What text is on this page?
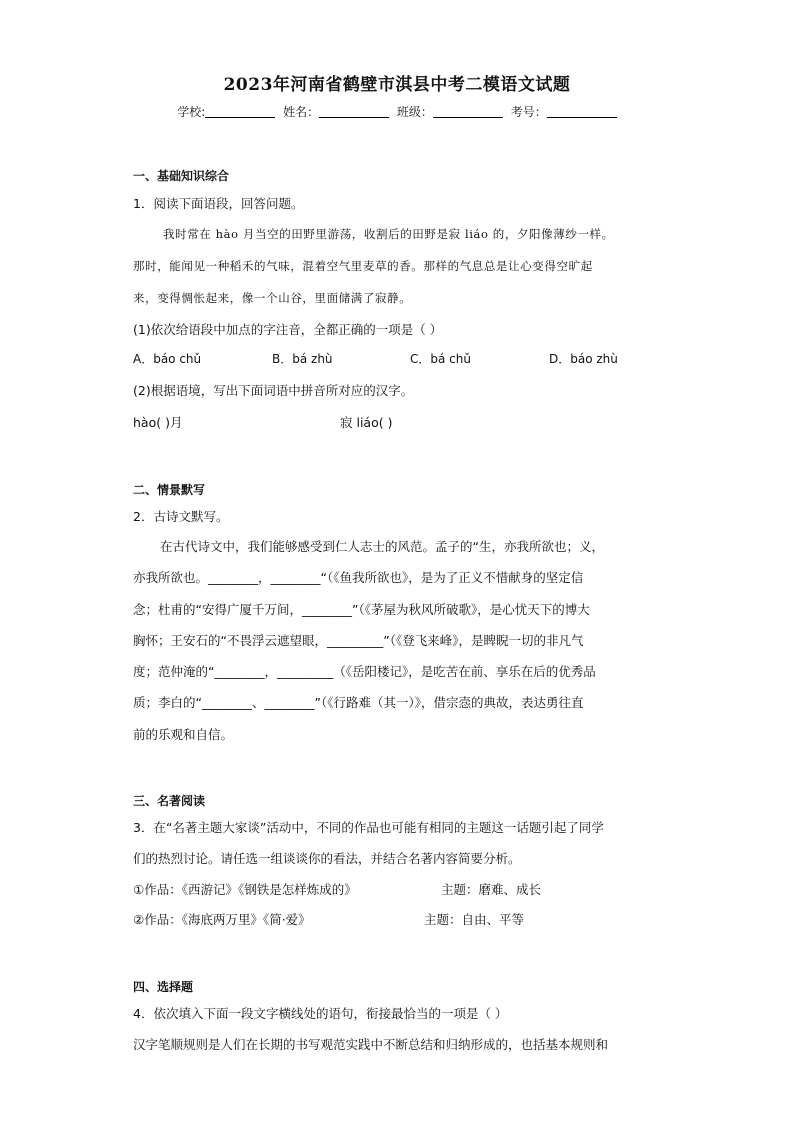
2023年河南省鹤壁市淇县中考二模语文试题
学校:	姓名：	班级：	考号：
一、基础知识综合
1．阅读下面语段，回答问题。
我时常在 hào 月当空的田野里游荡，收割后的田野是寂 liáo 的，夕阳像薄纱一样。
那时，能闻见一种稻禾的气味，混着空气里麦草的香。那样的气息总是让心变得空旷起
来，变得惆怅起来，像一个山谷，里面储满了寂静。
(1)依次给语段中加点的字注音，全都正确的一项是（ ）
A．báo chǔ	B．bá zhù	C．bá chǔ	D．báo zhù
(2)根据语境，写出下面词语中拼音所对应的汉字。
hào( )月	寂 liáo( )
二、情景默写
2．古诗文默写。
在古代诗文中，我们能够感受到仁人志士的风范。孟子的“生，亦我所欲也；义，
亦我所欲也。________，________“（《鱼我所欲也》，是为了正义不惜献身的坚定信
念；杜甫的“安得广厦千万间，________”（《茅屋为秋风所破歌》，是心忧天下的博大
胸怀；王安石的“不畏浮云遮望眼，_________”（《登飞来峰》，是睥睨一切的非凡气
度；范仲淹的“________，_________（《岳阳楼记》，是吃苦在前、享乐在后的优秀品
质；李白的“________、________”（《行路难（其一）》，借宗悫的典故，表达勇往直
前的乐观和自信。
三、名著阅读
3．在“名著主题大家谈”活动中，不同的作品也可能有相同的主题这一话题引起了同学
们的热烈讨论。请任选一组谈谈你的看法，并结合名著内容简要分析。
①作品：《西游记》《钢铁是怎样炼成的》	主题：磨难、成长
②作品：《海底两万里》《简·爱》	主题：自由、平等
四、选择题
4．依次填入下面一段文字横线处的语句，衔接最恰当的一项是（ ）
汉字笔顺规则是人们在长期的书写观范实践中不断总结和归纳形成的，也括基本规则和
